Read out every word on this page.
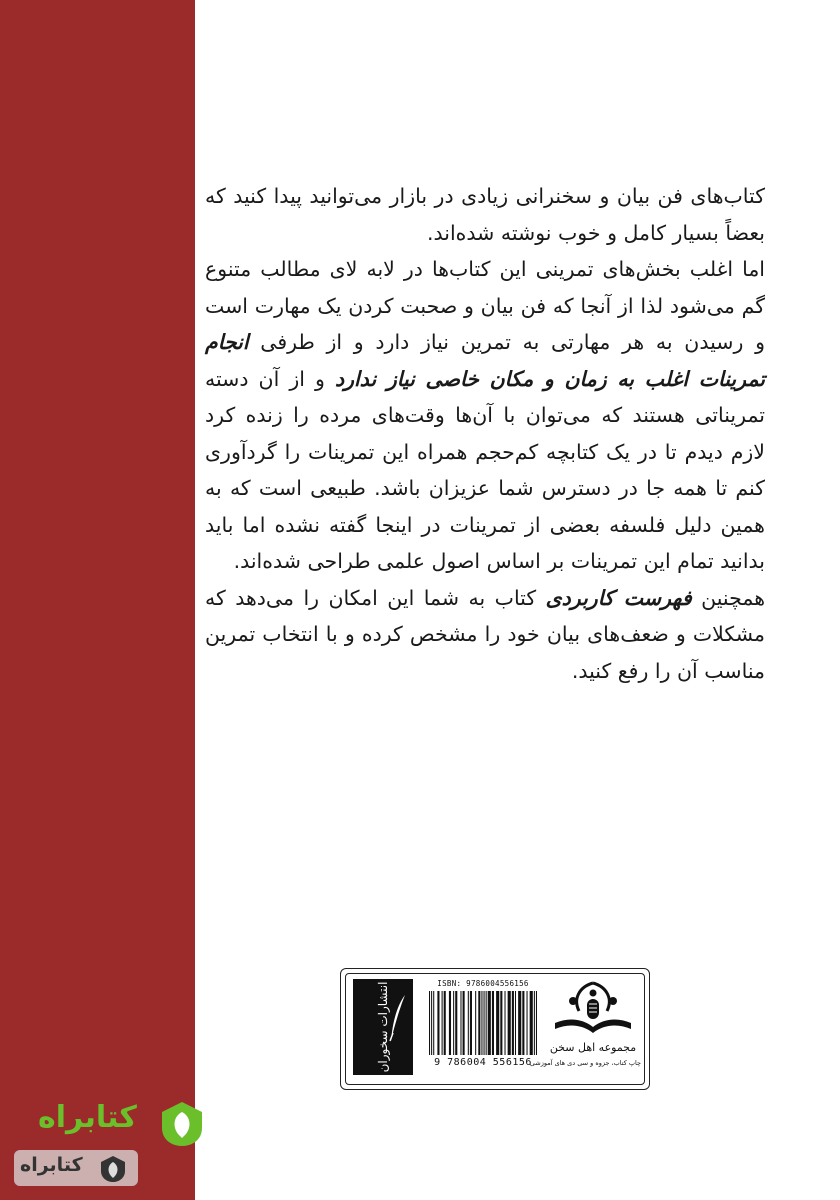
کتاب‌های فن بیان و سخنرانی زیادی در بازار می‌توانید پیدا کنید که بعضاً بسیار کامل و خوب نوشته شده‌اند.

اما اغلب بخش‌های تمرینی این کتاب‌ها در لابه لای مطالب متنوع گم می‌شود لذا از آنجا که فن بیان و صحبت کردن یک مهارت است و رسیدن به هر مهارتی به تمرین نیاز دارد و از طرفی انجام تمرینات اغلب به زمان و مکان خاصی نیاز ندارد و از آن دسته تمریناتی هستند که می‌توان با آن‌ها وقت‌های مرده را زنده کرد لازم دیدم تا در یک کتابچه کم‌حجم همراه این تمرینات را گردآوری کنم تا همه جا در دسترس شما عزیزان باشد. طبیعی است که به همین دلیل فلسفه بعضی از تمرینات در اینجا گفته نشده اما باید بدانید تمام این تمرینات بر اساس اصول علمی طراحی شده‌اند.

همچنین فهرست کاربردی کتاب به شما این امکان را می‌دهد که مشکلات و ضعف‌های بیان خود را مشخص کرده و با انتخاب تمرین مناسب آن را رفع کنید.

انتشارات سخوران	ISBN: 9786004556156
9 786004 556156
مجموعه اهل سخن
چاپ کتاب، جزوه و سی دی های آموزشی
کتابراه
کتابراه
